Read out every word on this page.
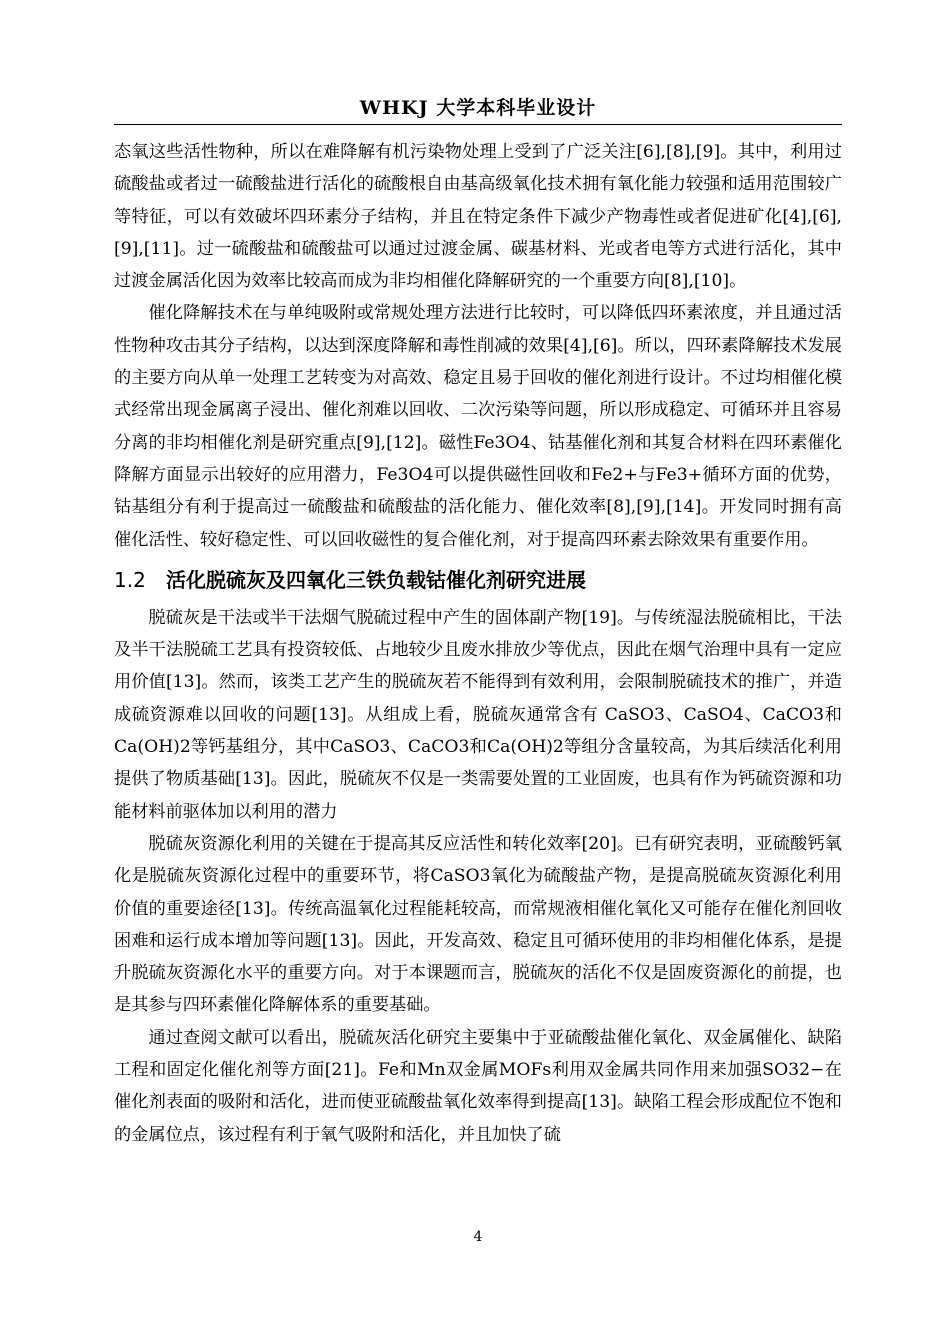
WHKJ 大学本科毕业设计

态氧这些活性物种，所以在难降解有机污染物处理上受到了广泛关注[6],[8],[9]。其中，利用过硫酸盐或者过一硫酸盐进行活化的硫酸根自由基高级氧化技术拥有氧化能力较强和适用范围较广等特征，可以有效破坏四环素分子结构，并且在特定条件下减少产物毒性或者促进矿化[4],[6],[9],[11]。过一硫酸盐和硫酸盐可以通过过渡金属、碳基材料、光或者电等方式进行活化，其中过渡金属活化因为效率比较高而成为非均相催化降解研究的一个重要方向[8],[10]。

催化降解技术在与单纯吸附或常规处理方法进行比较时，可以降低四环素浓度，并且通过活性物种攻击其分子结构，以达到深度降解和毒性削减的效果[4],[6]。所以，四环素降解技术发展的主要方向从单一处理工艺转变为对高效、稳定且易于回收的催化剂进行设计。不过均相催化模式经常出现金属离子浸出、催化剂难以回收、二次污染等问题，所以形成稳定、可循环并且容易分离的非均相催化剂是研究重点[9],[12]。磁性Fe3O4、钴基催化剂和其复合材料在四环素催化降解方面显示出较好的应用潜力，Fe3O4可以提供磁性回收和Fe2+与Fe3+循环方面的优势，钴基组分有利于提高过一硫酸盐和硫酸盐的活化能力、催化效率[8],[9],[14]。开发同时拥有高催化活性、较好稳定性、可以回收磁性的复合催化剂，对于提高四环素去除效果有重要作用。

1.2 活化脱硫灰及四氧化三铁负载钴催化剂研究进展

脱硫灰是干法或半干法烟气脱硫过程中产生的固体副产物[19]。与传统湿法脱硫相比，干法及半干法脱硫工艺具有投资较低、占地较少且废水排放少等优点，因此在烟气治理中具有一定应用价值[13]。然而，该类工艺产生的脱硫灰若不能得到有效利用，会限制脱硫技术的推广，并造成硫资源难以回收的问题[13]。从组成上看，脱硫灰通常含有 CaSO3、CaSO4、CaCO3和Ca(OH)2等钙基组分，其中CaSO3、CaCO3和Ca(OH)2等组分含量较高，为其后续活化利用提供了物质基础[13]。因此，脱硫灰不仅是一类需要处置的工业固废，也具有作为钙硫资源和功能材料前驱体加以利用的潜力

脱硫灰资源化利用的关键在于提高其反应活性和转化效率[20]。已有研究表明，亚硫酸钙氧化是脱硫灰资源化过程中的重要环节，将CaSO3氧化为硫酸盐产物，是提高脱硫灰资源化利用价值的重要途径[13]。传统高温氧化过程能耗较高，而常规液相催化氧化又可能存在催化剂回收困难和运行成本增加等问题[13]。因此，开发高效、稳定且可循环使用的非均相催化体系，是提升脱硫灰资源化水平的重要方向。对于本课题而言，脱硫灰的活化不仅是固废资源化的前提，也是其参与四环素催化降解体系的重要基础。

通过查阅文献可以看出，脱硫灰活化研究主要集中于亚硫酸盐催化氧化、双金属催化、缺陷工程和固定化催化剂等方面[21]。Fe和Mn双金属MOFs利用双金属共同作用来加强SO32−在催化剂表面的吸附和活化，进而使亚硫酸盐氧化效率得到提高[13]。缺陷工程会形成配位不饱和的金属位点，该过程有利于氧气吸附和活化，并且加快了硫

4
